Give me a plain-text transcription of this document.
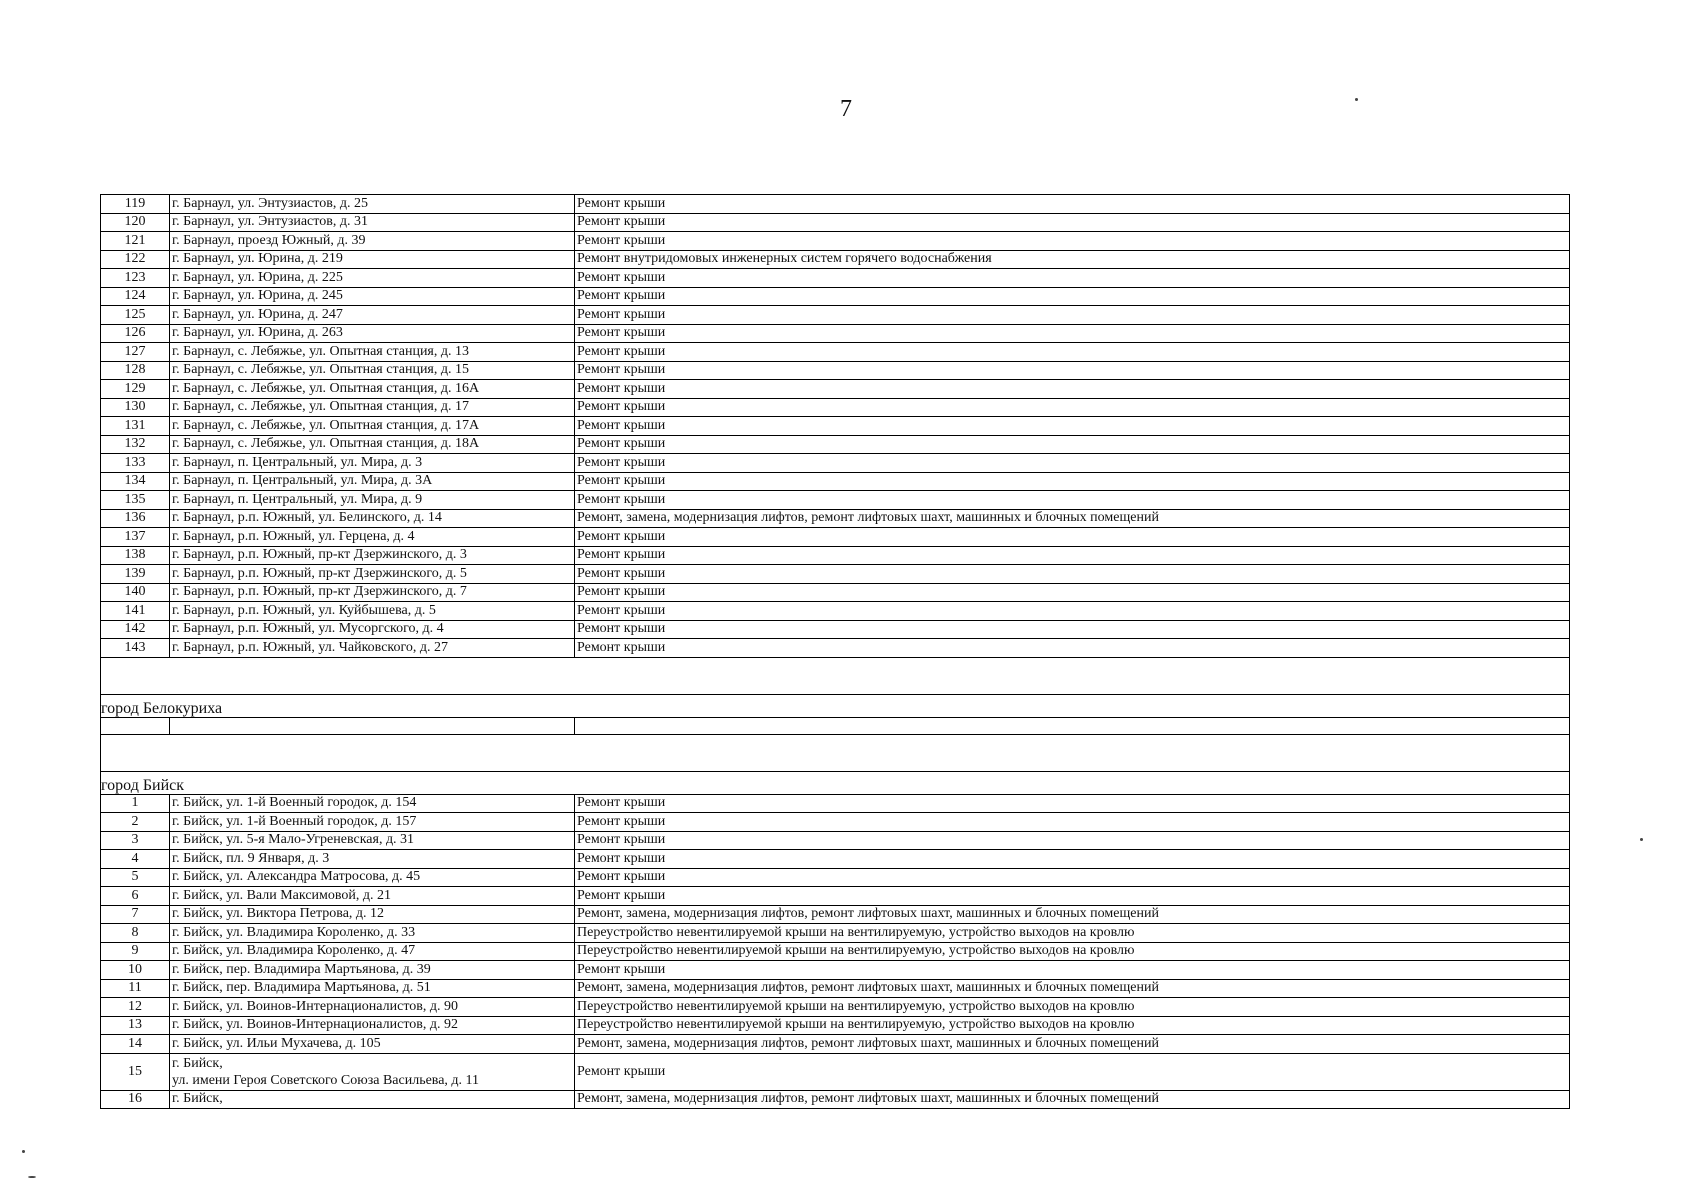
7
119	г. Барнаул, ул. Энтузиастов, д. 25	Ремонт крыши
120	г. Барнаул, ул. Энтузиастов, д. 31	Ремонт крыши
121	г. Барнаул, проезд Южный, д. 39	Ремонт крыши
122	г. Барнаул, ул. Юрина, д. 219	Ремонт внутридомовых инженерных систем горячего водоснабжения
123	г. Барнаул, ул. Юрина, д. 225	Ремонт крыши
124	г. Барнаул, ул. Юрина, д. 245	Ремонт крыши
125	г. Барнаул, ул. Юрина, д. 247	Ремонт крыши
126	г. Барнаул, ул. Юрина, д. 263	Ремонт крыши
127	г. Барнаул, с. Лебяжье, ул. Опытная станция, д. 13	Ремонт крыши
128	г. Барнаул, с. Лебяжье, ул. Опытная станция, д. 15	Ремонт крыши
129	г. Барнаул, с. Лебяжье, ул. Опытная станция, д. 16А	Ремонт крыши
130	г. Барнаул, с. Лебяжье, ул. Опытная станция, д. 17	Ремонт крыши
131	г. Барнаул, с. Лебяжье, ул. Опытная станция, д. 17А	Ремонт крыши
132	г. Барнаул, с. Лебяжье, ул. Опытная станция, д. 18А	Ремонт крыши
133	г. Барнаул, п. Центральный, ул. Мира, д. 3	Ремонт крыши
134	г. Барнаул, п. Центральный, ул. Мира, д. 3А	Ремонт крыши
135	г. Барнаул, п. Центральный, ул. Мира, д. 9	Ремонт крыши
136	г. Барнаул, р.п. Южный, ул. Белинского, д. 14	Ремонт, замена, модернизация лифтов, ремонт лифтовых шахт, машинных и блочных помещений
137	г. Барнаул, р.п. Южный, ул. Герцена, д. 4	Ремонт крыши
138	г. Барнаул, р.п. Южный, пр-кт Дзержинского, д. 3	Ремонт крыши
139	г. Барнаул, р.п. Южный, пр-кт Дзержинского, д. 5	Ремонт крыши
140	г. Барнаул, р.п. Южный, пр-кт Дзержинского, д. 7	Ремонт крыши
141	г. Барнаул, р.п. Южный, ул. Куйбышева, д. 5	Ремонт крыши
142	г. Барнаул, р.п. Южный, ул. Мусоргского, д. 4	Ремонт крыши
143	г. Барнаул, р.п. Южный, ул. Чайковского, д. 27	Ремонт крыши

город Белокуриха		

город Бийск		
1	г. Бийск, ул. 1-й Военный городок, д. 154	Ремонт крыши
2	г. Бийск, ул. 1-й Военный городок, д. 157	Ремонт крыши
3	г. Бийск, ул. 5-я Мало-Угреневская, д. 31	Ремонт крыши
4	г. Бийск, пл. 9 Января, д. 3	Ремонт крыши
5	г. Бийск, ул. Александра Матросова, д. 45	Ремонт крыши
6	г. Бийск, ул. Вали Максимовой, д. 21	Ремонт крыши
7	г. Бийск, ул. Виктора Петрова, д. 12	Ремонт, замена, модернизация лифтов, ремонт лифтовых шахт, машинных и блочных помещений
8	г. Бийск, ул. Владимира Короленко, д. 33	Переустройство невентилируемой крыши на вентилируемую, устройство выходов на кровлю
9	г. Бийск, ул. Владимира Короленко, д. 47	Переустройство невентилируемой крыши на вентилируемую, устройство выходов на кровлю
10	г. Бийск, пер. Владимира Мартьянова, д. 39	Ремонт крыши
11	г. Бийск, пер. Владимира Мартьянова, д. 51	Ремонт, замена, модернизация лифтов, ремонт лифтовых шахт, машинных и блочных помещений
12	г. Бийск, ул. Воинов-Интернационалистов, д. 90	Переустройство невентилируемой крыши на вентилируемую, устройство выходов на кровлю
13	г. Бийск, ул. Воинов-Интернационалистов, д. 92	Переустройство невентилируемой крыши на вентилируемую, устройство выходов на кровлю
14	г. Бийск, ул. Ильи Мухачева, д. 105	Ремонт, замена, модернизация лифтов, ремонт лифтовых шахт, машинных и блочных помещений
15	г. Бийск,
ул. имени Героя Советского Союза Васильева, д. 11	Ремонт крыши
16	г. Бийск,	Ремонт, замена, модернизация лифтов, ремонт лифтовых шахт, машинных и блочных помещений
